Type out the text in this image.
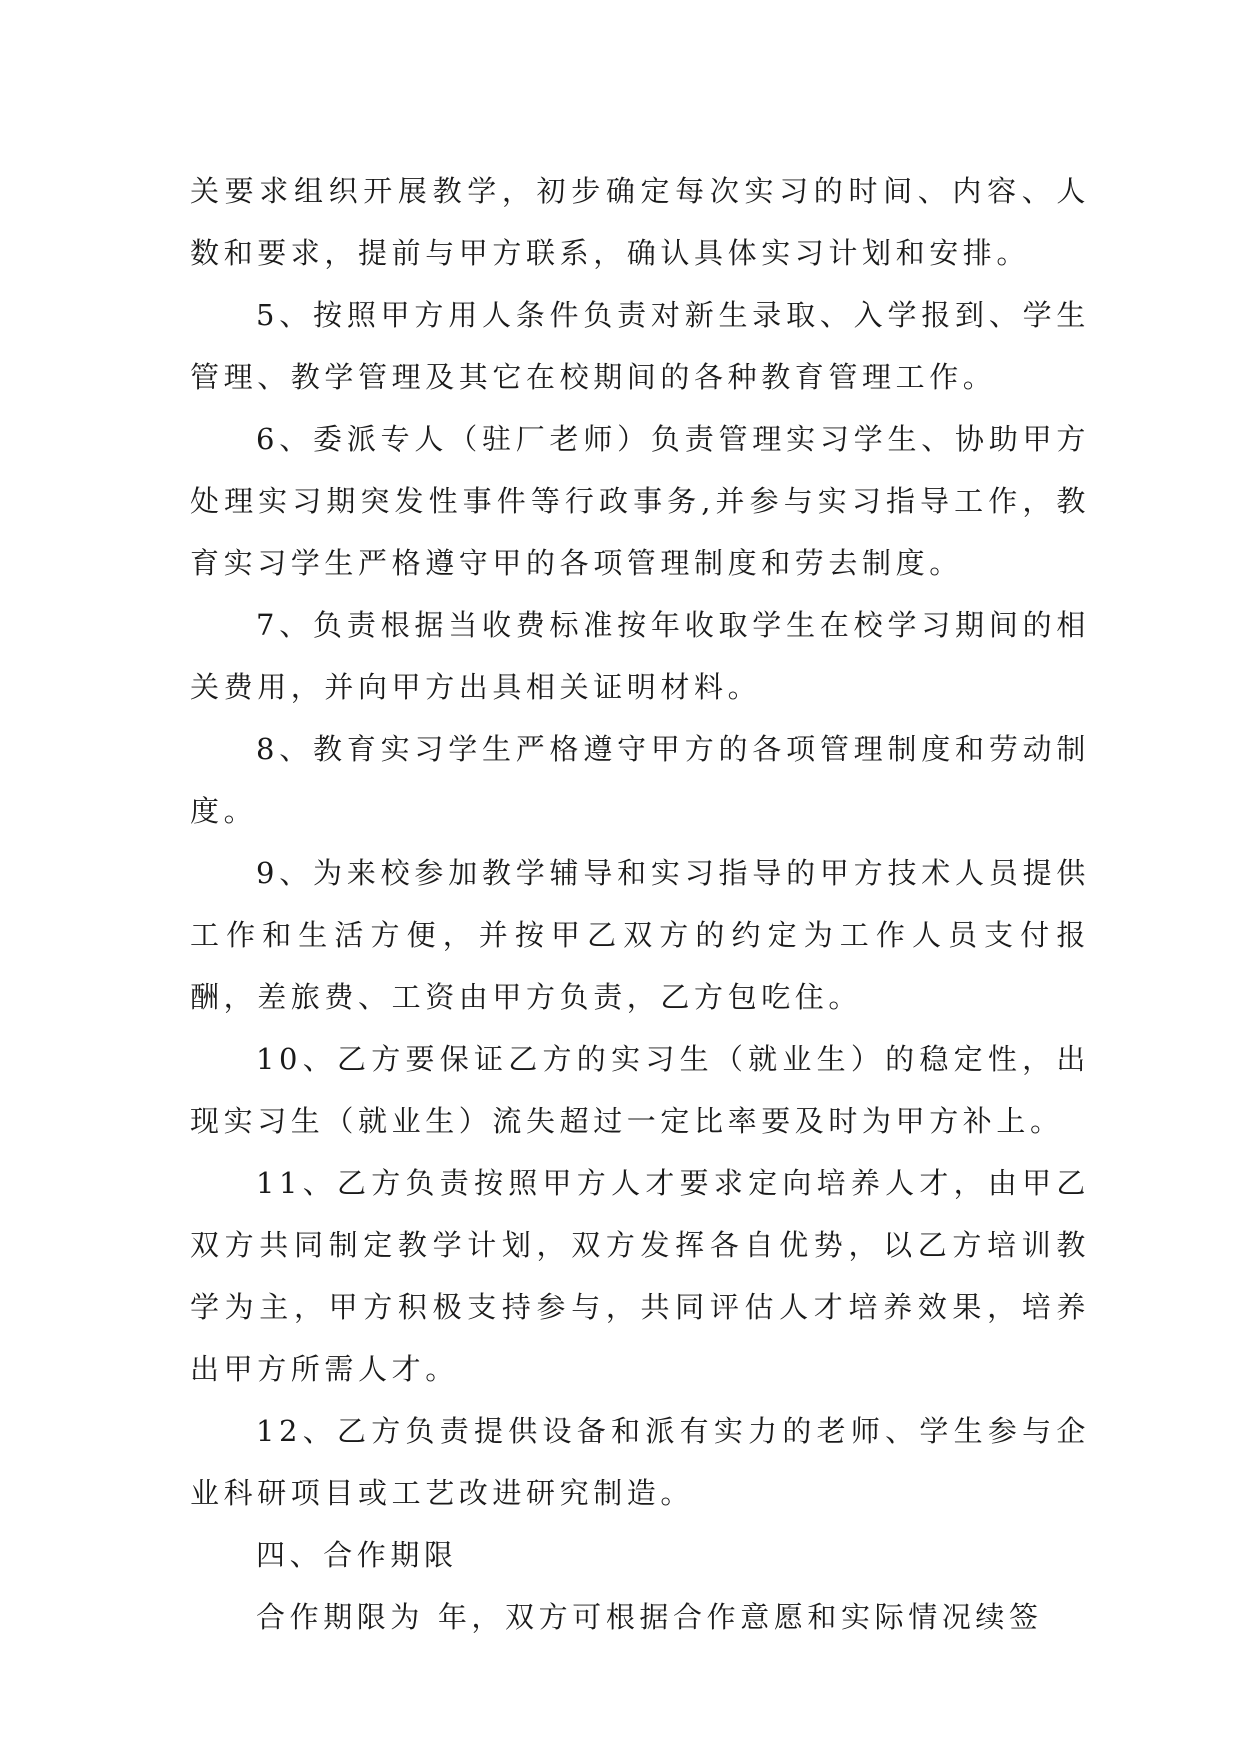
关要求组织开展教学，初步确定每次实习的时间、内容、人数和要求，提前与甲方联系，确认具体实习计划和安排。

5、按照甲方用人条件负责对新生录取、入学报到、学生管理、教学管理及其它在校期间的各种教育管理工作。

6、委派专人（驻厂老师）负责管理实习学生、协助甲方处理实习期突发性事件等行政事务,并参与实习指导工作，教育实习学生严格遵守甲的各项管理制度和劳去制度。

7、负责根据当收费标准按年收取学生在校学习期间的相关费用，并向甲方出具相关证明材料。

8、教育实习学生严格遵守甲方的各项管理制度和劳动制度。

9、为来校参加教学辅导和实习指导的甲方技术人员提供工作和生活方便，并按甲乙双方的约定为工作人员支付报酬，差旅费、工资由甲方负责，乙方包吃住。

10、乙方要保证乙方的实习生（就业生）的稳定性，出现实习生（就业生）流失超过一定比率要及时为甲方补上。

11、乙方负责按照甲方人才要求定向培养人才，由甲乙双方共同制定教学计划，双方发挥各自优势，以乙方培训教学为主，甲方积极支持参与，共同评估人才培养效果，培养出甲方所需人才。

12、乙方负责提供设备和派有实力的老师、学生参与企业科研项目或工艺改进研究制造。

四、合作期限

合作期限为 年，双方可根据合作意愿和实际情况续签
